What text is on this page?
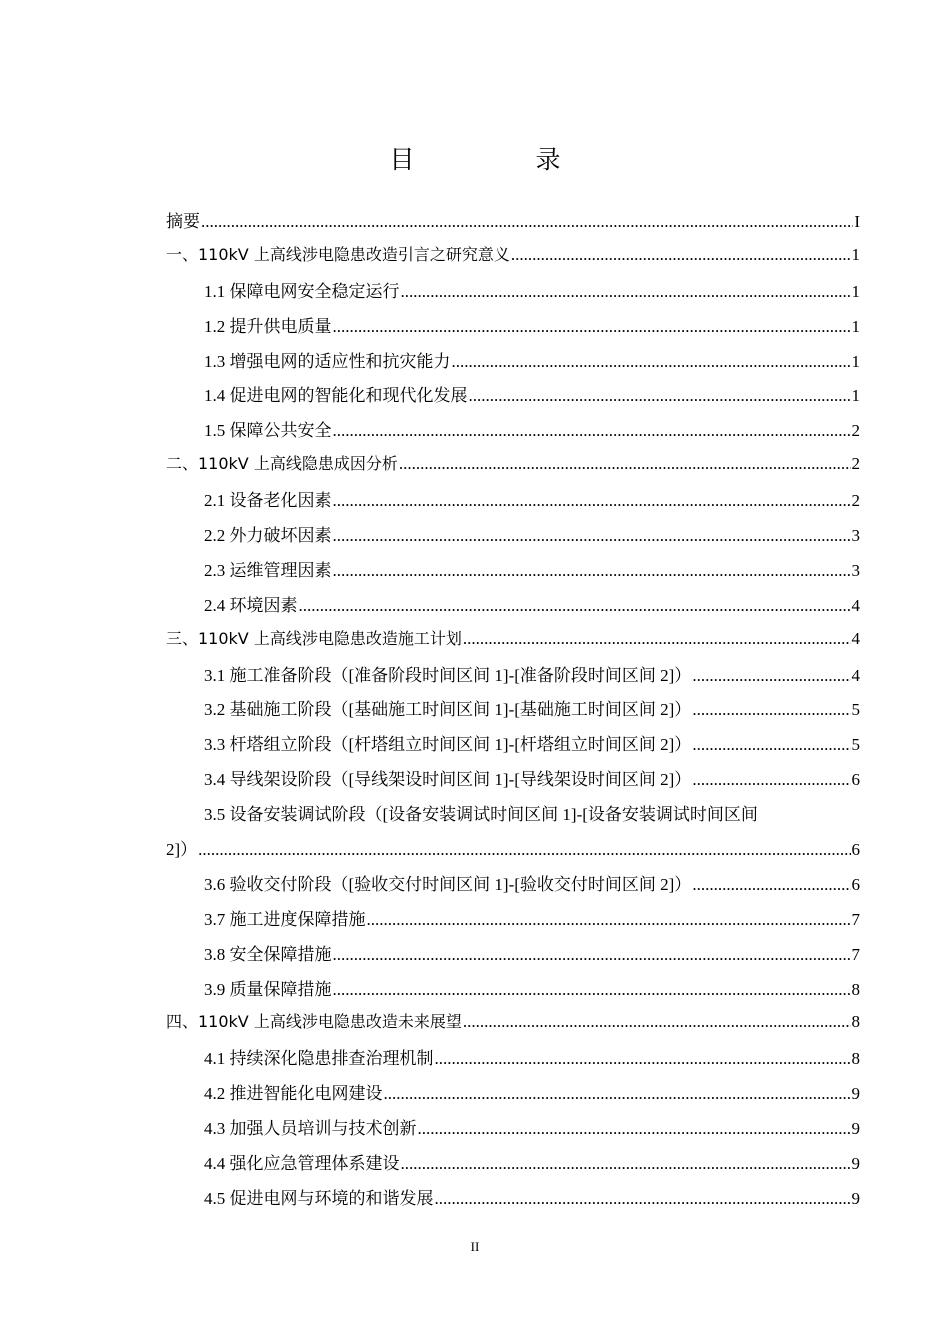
目　录
摘要 .....	I
一、110kV 上高线涉电隐患改造引言之研究意义 .....	1
1.1 保障电网安全稳定运行 .....	1
1.2 提升供电质量 .....	1
1.3 增强电网的适应性和抗灾能力 .....	1
1.4 促进电网的智能化和现代化发展 .....	1
1.5 保障公共安全 .....	2
二、110kV 上高线隐患成因分析 .....	2
2.1 设备老化因素 .....	2
2.2 外力破坏因素 .....	3
2.3 运维管理因素 .....	3
2.4 环境因素 .....	4
三、110kV 上高线涉电隐患改造施工计划 .....	4
3.1 施工准备阶段（[准备阶段时间区间 1]-[准备阶段时间区间 2]） .....	4
3.2 基础施工阶段（[基础施工时间区间 1]-[基础施工时间区间 2]） .....	5
3.3 杆塔组立阶段（[杆塔组立时间区间 1]-[杆塔组立时间区间 2]） .....	5
3.4 导线架设阶段（[导线架设时间区间 1]-[导线架设时间区间 2]） .....	6
3.5 设备安装调试阶段（[设备安装调试时间区间 1]-[设备安装调试时间区间
2]） .....	6
3.6 验收交付阶段（[验收交付时间区间 1]-[验收交付时间区间 2]） .....	6
3.7 施工进度保障措施 .....	7
3.8 安全保障措施 .....	7
3.9 质量保障措施 .....	8
四、110kV 上高线涉电隐患改造未来展望 .....	8
4.1 持续深化隐患排查治理机制 .....	8
4.2 推进智能化电网建设 .....	9
4.3 加强人员培训与技术创新 .....	9
4.4 强化应急管理体系建设 .....	9
4.5 促进电网与环境的和谐发展 .....	9
II
